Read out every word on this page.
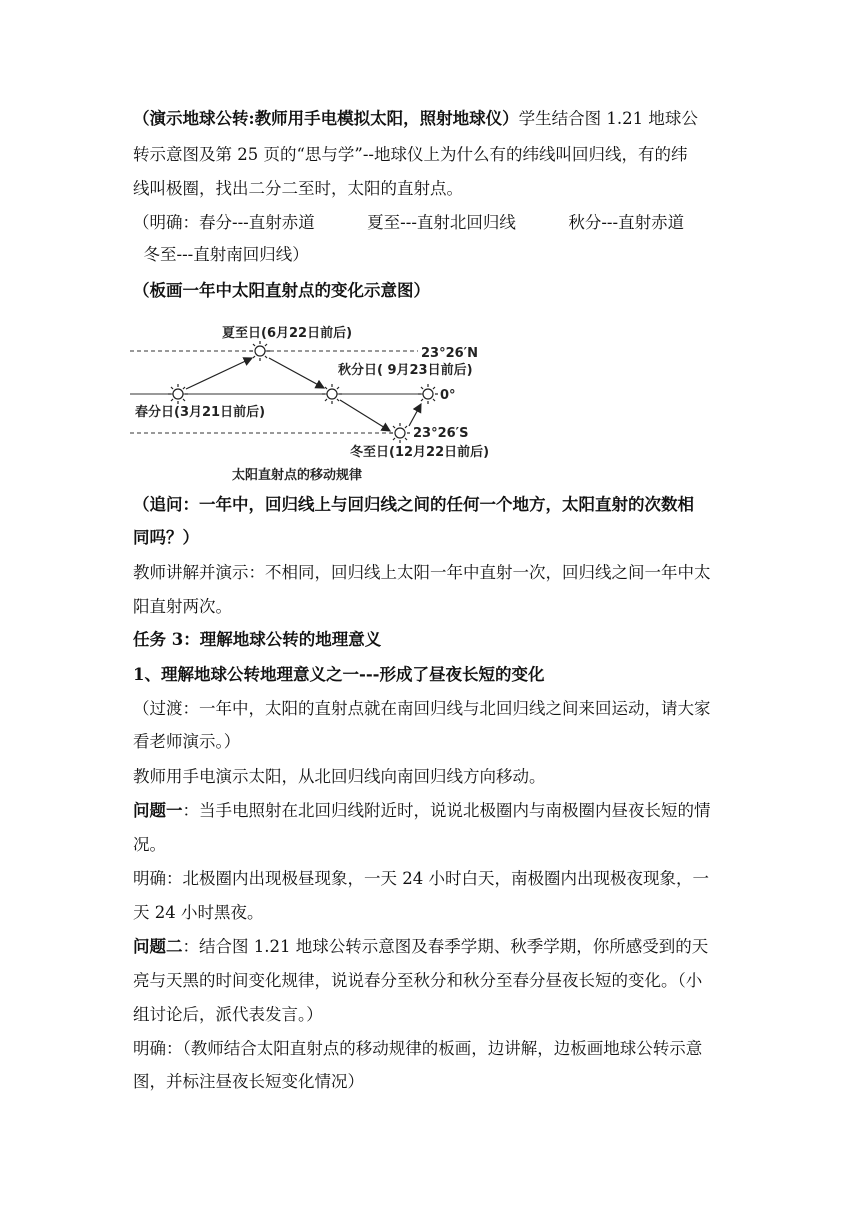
（演示地球公转:教师用手电模拟太阳，照射地球仪）学生结合图 1.21 地球公
转示意图及第 25 页的“思与学”--地球仪上为什么有的纬线叫回归线，有的纬
线叫极圈，找出二分二至时，太阳的直射点。
（明确：春分---直射赤道          夏至---直射北回归线          秋分---直射赤道
冬至---直射南回归线）
（板画一年中太阳直射点的变化示意图）
夏至日(6月22日前后)
23°26′N
秋分日( 9月23日前后)
春分日(3月21日前后)
0°
23°26′S
冬至日(12月22日前后)
太阳直射点的移动规律
（追问：一年中，回归线上与回归线之间的任何一个地方，太阳直射的次数相
同吗？）
教师讲解并演示：不相同，回归线上太阳一年中直射一次，回归线之间一年中太
阳直射两次。
任务 3：理解地球公转的地理意义
1、理解地球公转地理意义之一---形成了昼夜长短的变化
（过渡：一年中，太阳的直射点就在南回归线与北回归线之间来回运动，请大家
看老师演示。）
教师用手电演示太阳，从北回归线向南回归线方向移动。
问题一：当手电照射在北回归线附近时，说说北极圈内与南极圈内昼夜长短的情
况。
明确：北极圈内出现极昼现象，一天 24 小时白天，南极圈内出现极夜现象，一
天 24 小时黑夜。
问题二：结合图 1.21 地球公转示意图及春季学期、秋季学期，你所感受到的天
亮与天黑的时间变化规律，说说春分至秋分和秋分至春分昼夜长短的变化。（小
组讨论后，派代表发言。）
明确：（教师结合太阳直射点的移动规律的板画，边讲解，边板画地球公转示意
图，并标注昼夜长短变化情况）
